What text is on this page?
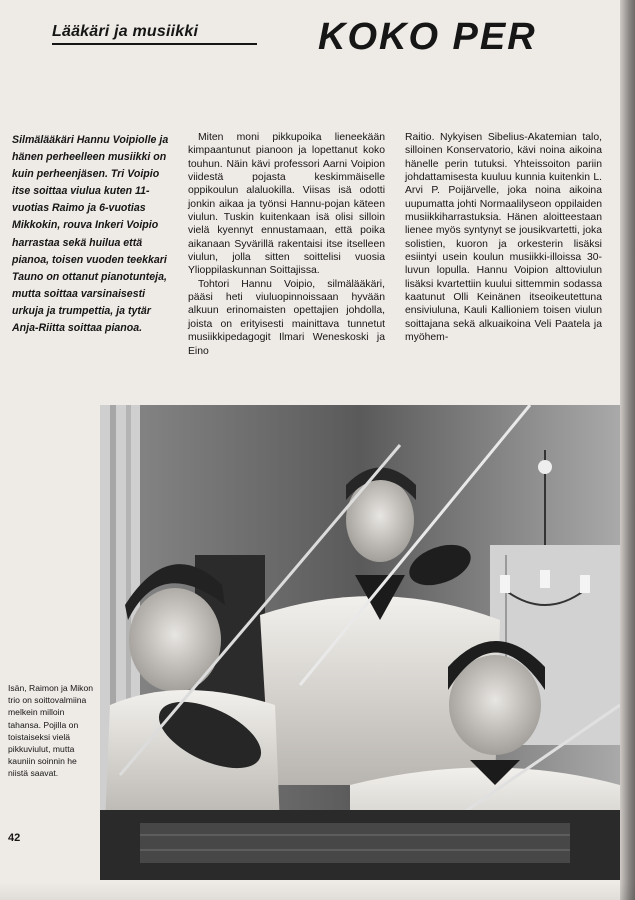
Lääkäri ja musiikki	KOKO PER
Silmälääkäri Hannu Voipiolle ja hänen perheelleen musiikki on kuin perheenjäsen. Tri Voipio itse soittaa viulua kuten 11-vuotias Raimo ja 6-vuotias Mikkokin, rouva Inkeri Voipio harrastaa sekä huilua että pianoa, toisen vuoden teekkari Tauno on ottanut pianotunteja, mutta soittaa varsinaisesti urkuja ja trumpettia, ja tytär Anja-Riitta soittaa pianoa.

Miten moni pikkupoika lieneekään kimpaantunut pianoon ja lopettanut koko touhun. Näin kävi professori Aarni Voipion viidestä pojasta keskimmäiselle oppikoulun alaluokilla. Viisas isä odotti jonkin aikaa ja työnsi Hannu-pojan käteen viulun. Tuskin kuitenkaan isä olisi silloin vielä kyennyt ennustamaan, että poika aikanaan Syvärillä rakentaisi itse itselleen viulun, jolla sitten soittelisi vuosia Ylioppilaskunnan Soittajissa.

Tohtori Hannu Voipio, silmälääkäri, pääsi heti viuluopinnoissaan hyvään alkuun erinomaisten opettajien johdolla, joista on erityisesti mainittava tunnetut musiikkipedagogit Ilmari Weneskoski ja Eino

Raitio. Nykyisen Sibelius-Akatemian talo, silloinen Konservatorio, kävi noina aikoina hänelle perin tutuksi. Yhteissoiton pariin johdattamisesta kuuluu kunnia kuitenkin L. Arvi P. Poijärvelle, joka noina aikoina uupumatta johti Normaalilyseon oppilaiden musiikkiharrastuksia. Hänen aloitteestaan lienee myös syntynyt se jousikvartetti, joka solistien, kuoron ja orkesterin lisäksi esiintyi usein koulun musiikki-illoissa 30-luvun lopulla. Hannu Voipion alttoviulun lisäksi kvartettiin kuului sittemmin sodassa kaatunut Olli Keinänen itseoikeutettuna ensiviuluna, Kauli Kallioniem toisen viulun soittajana sekä alkuaikoina Veli Paatela ja myöhem-

Isän, Raimon ja Mikon trio on soittovalmiina melkein milloin tahansa. Pojilla on toistaiseksi vielä pikkuviulut, mutta kauniin soinnin he niistä saavat.
42
